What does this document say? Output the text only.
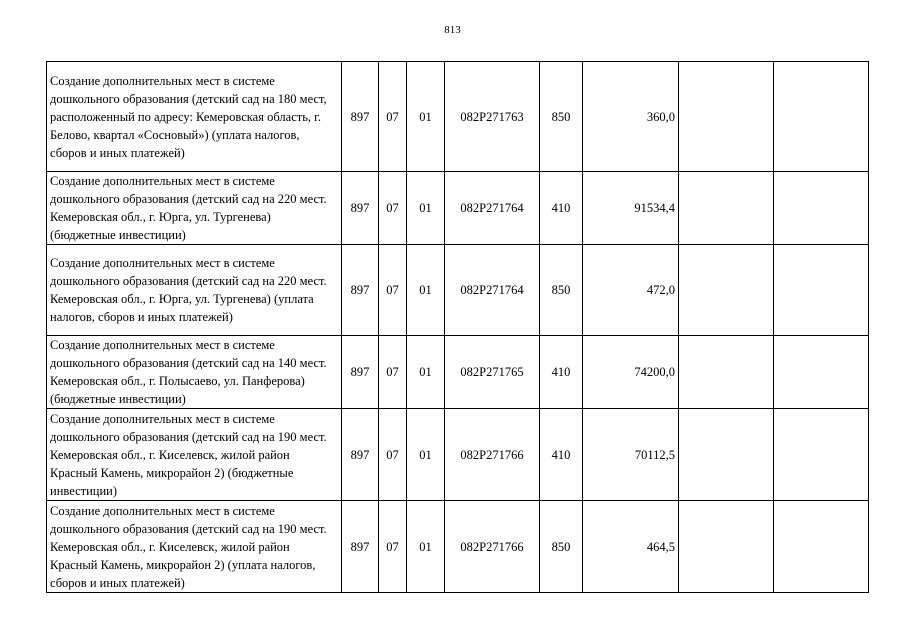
813
Создание дополнительных мест в системе дошкольного образования (детский сад на 180 мест, расположенный по адресу: Кемеровская область, г. Белово, квартал «Сосновый») (уплата налогов, сборов и иных платежей)	897	07	01	082P271763	850	360,0		
Создание дополнительных мест в системе дошкольного образования (детский сад на 220 мест. Кемеровская обл., г. Юрга, ул. Тургенева) (бюджетные инвестиции)	897	07	01	082P271764	410	91534,4		
Создание дополнительных мест в системе дошкольного образования (детский сад на 220 мест. Кемеровская обл., г. Юрга, ул. Тургенева) (уплата налогов, сборов и иных платежей)	897	07	01	082P271764	850	472,0		
Создание дополнительных мест в системе дошкольного образования (детский сад на 140 мест. Кемеровская обл., г. Полысаево, ул. Панферова) (бюджетные инвестиции)	897	07	01	082P271765	410	74200,0		
Создание дополнительных мест в системе дошкольного образования (детский сад на 190 мест. Кемеровская обл., г. Киселевск, жилой район Красный Камень, микрорайон 2) (бюджетные инвестиции)	897	07	01	082P271766	410	70112,5		
Создание дополнительных мест в системе дошкольного образования (детский сад на 190 мест. Кемеровская обл., г. Киселевск, жилой район Красный Камень, микрорайон 2) (уплата налогов, сборов и иных платежей)	897	07	01	082P271766	850	464,5		
